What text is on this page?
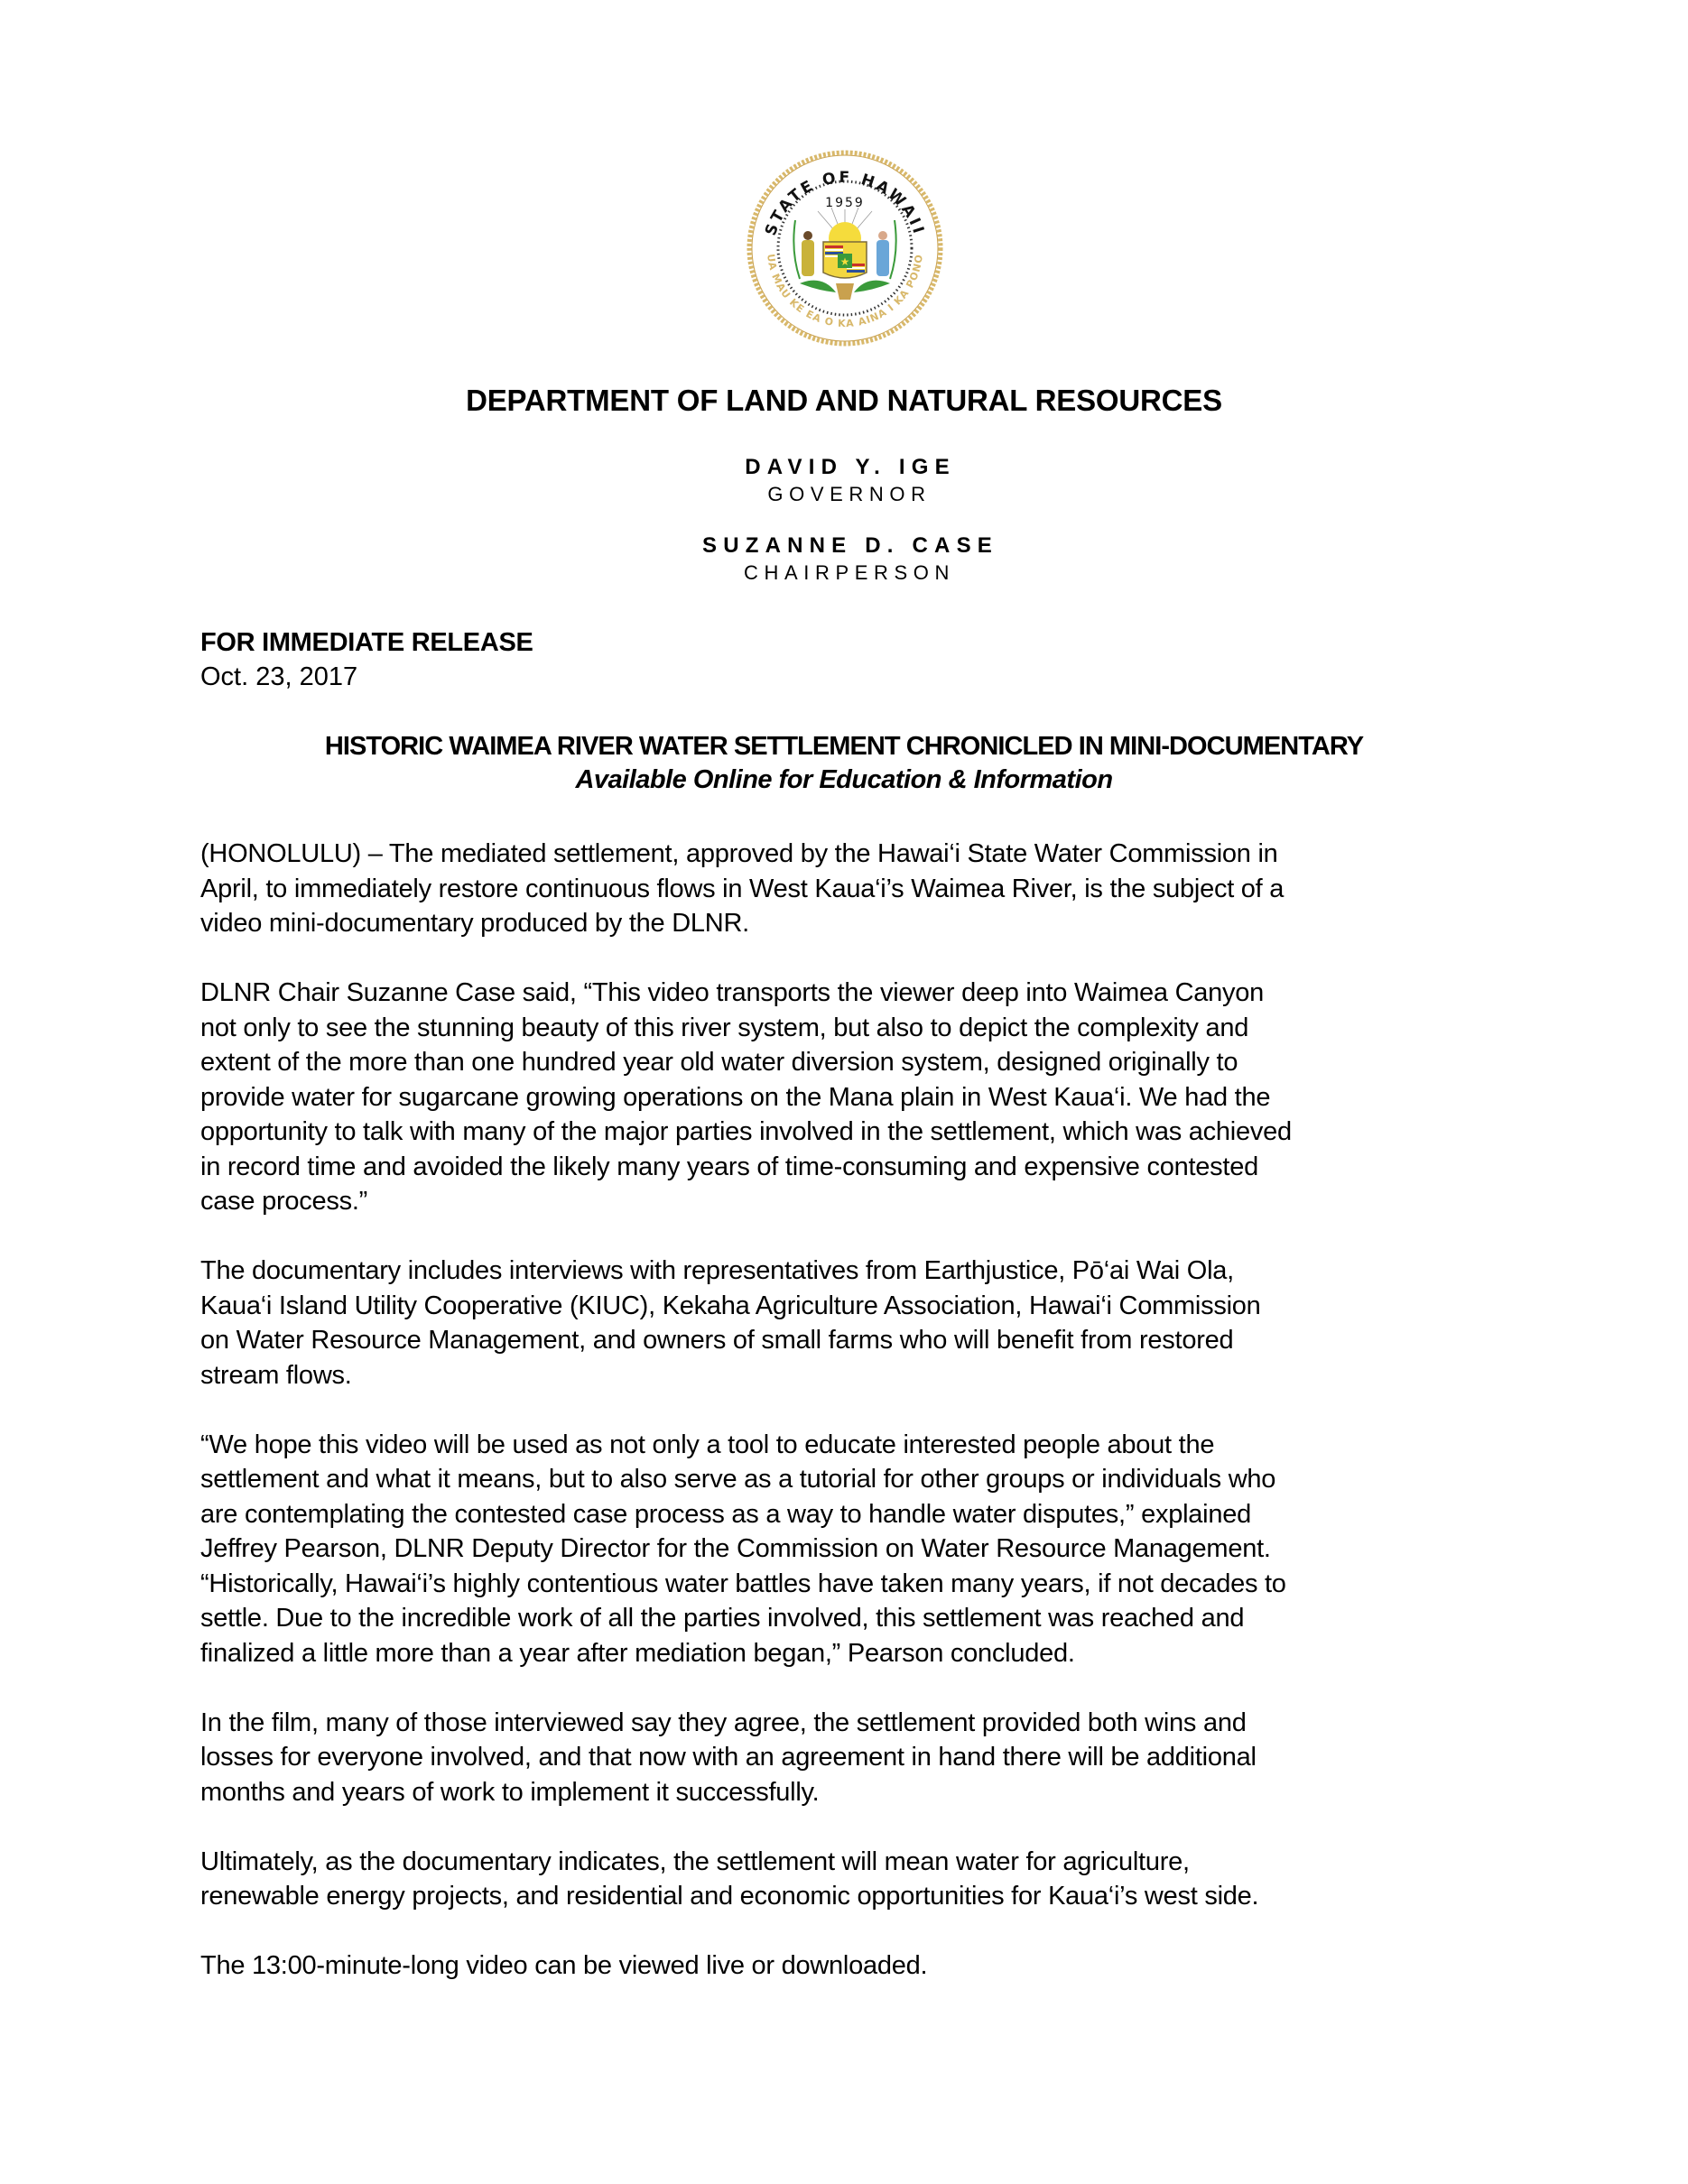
STATE OF HAWAII
1959
UA MAU KE EA O KA AINA I KA PONO
★
DEPARTMENT OF LAND AND NATURAL RESOURCES
DAVID Y. IGE
GOVERNOR
SUZANNE D. CASE
CHAIRPERSON
FOR IMMEDIATE RELEASE
Oct. 23, 2017
HISTORIC WAIMEA RIVER WATER SETTLEMENT CHRONICLED IN MINI-DOCUMENTARY
Available Online for Education & Information

(HONOLULU) – The mediated settlement, approved by the Hawai‘i State Water Commission in
April, to immediately restore continuous flows in West Kaua‘i’s Waimea River, is the subject of a
video mini-documentary produced by the DLNR.

DLNR Chair Suzanne Case said, “This video transports the viewer deep into Waimea Canyon
not only to see the stunning beauty of this river system, but also to depict the complexity and
extent of the more than one hundred year old water diversion system, designed originally to
provide water for sugarcane growing operations on the Mana plain in West Kaua‘i. We had the
opportunity to talk with many of the major parties involved in the settlement, which was achieved
in record time and avoided the likely many years of time-consuming and expensive contested
case process.”

The documentary includes interviews with representatives from Earthjustice, Pō‘ai Wai Ola,
Kaua‘i Island Utility Cooperative (KIUC), Kekaha Agriculture Association, Hawai‘i Commission
on Water Resource Management, and owners of small farms who will benefit from restored
stream flows.

“We hope this video will be used as not only a tool to educate interested people about the
settlement and what it means, but to also serve as a tutorial for other groups or individuals who
are contemplating the contested case process as a way to handle water disputes,” explained
Jeffrey Pearson, DLNR Deputy Director for the Commission on Water Resource Management.
“Historically, Hawai‘i’s highly contentious water battles have taken many years, if not decades to
settle. Due to the incredible work of all the parties involved, this settlement was reached and
finalized a little more than a year after mediation began,” Pearson concluded.

In the film, many of those interviewed say they agree, the settlement provided both wins and
losses for everyone involved, and that now with an agreement in hand there will be additional
months and years of work to implement it successfully.

Ultimately, as the documentary indicates, the settlement will mean water for agriculture,
renewable energy projects, and residential and economic opportunities for Kaua‘i’s west side.

The 13:00-minute-long video can be viewed live or downloaded.
